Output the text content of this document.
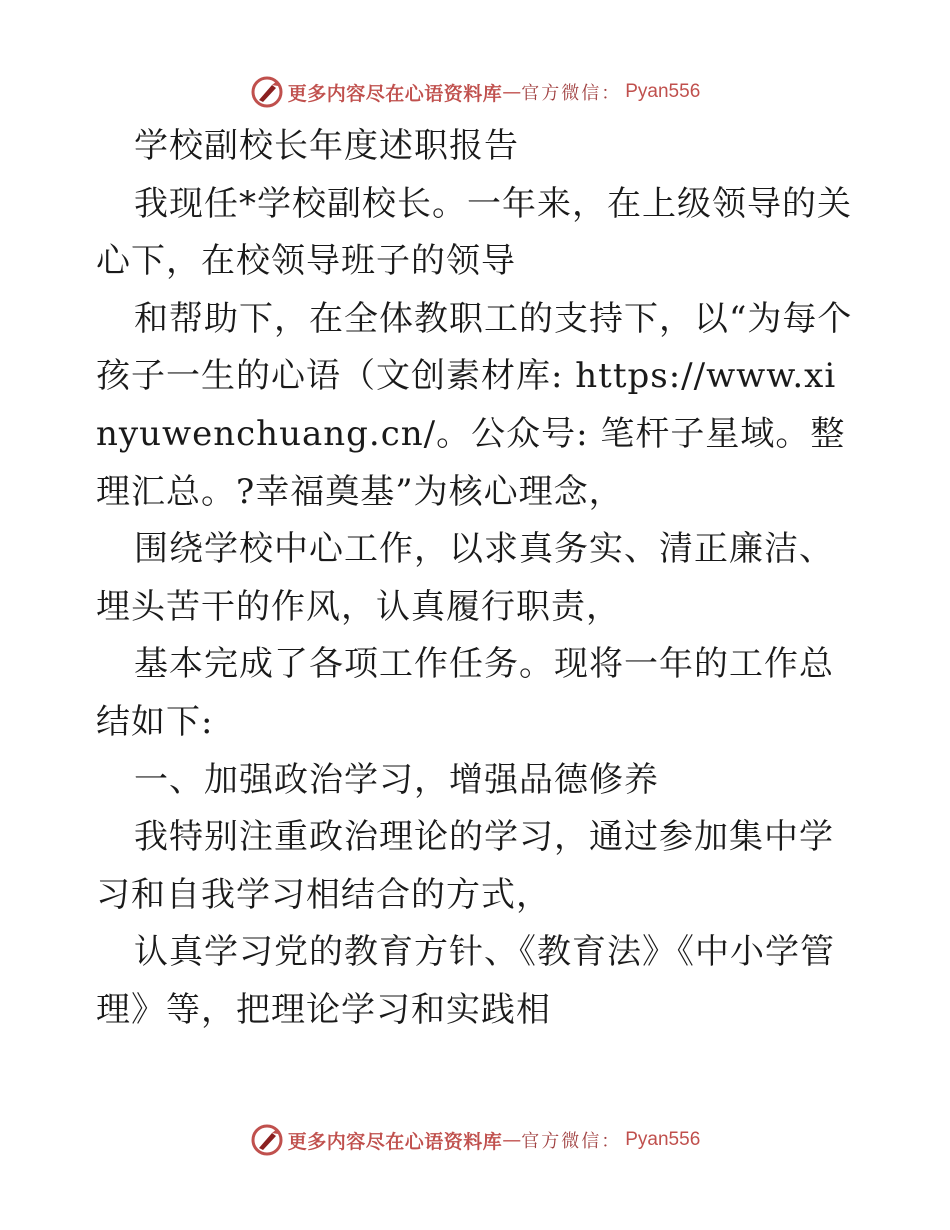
更多内容尽在心语资料库 — 官方微信 ： Pyan556

学校副校长年度述职报告

我现任*学校副校长。一年来，在上级领导的关心下，在校领导班子的领导

和帮助下，在全体教职工的支持下，以“为每个孩子一生的心语（文创素材库: https://www.xinyuwenchuang.cn/。公众号: 笔杆子星域。整理汇总。?幸福奠基”为核心理念，

围绕学校中心工作，以求真务实、清正廉洁、埋头苦干的作风，认真履行职责，

基本完成了各项工作任务。现将一年的工作总结如下:

一、加强政治学习，增强品德修养

我特别注重政治理论的学习，通过参加集中学习和自我学习相结合的方式，

认真学习党的教育方针、《教育法》《中小学管理》等，把理论学习和实践相

更多内容尽在心语资料库 — 官方微信 ： Pyan556
